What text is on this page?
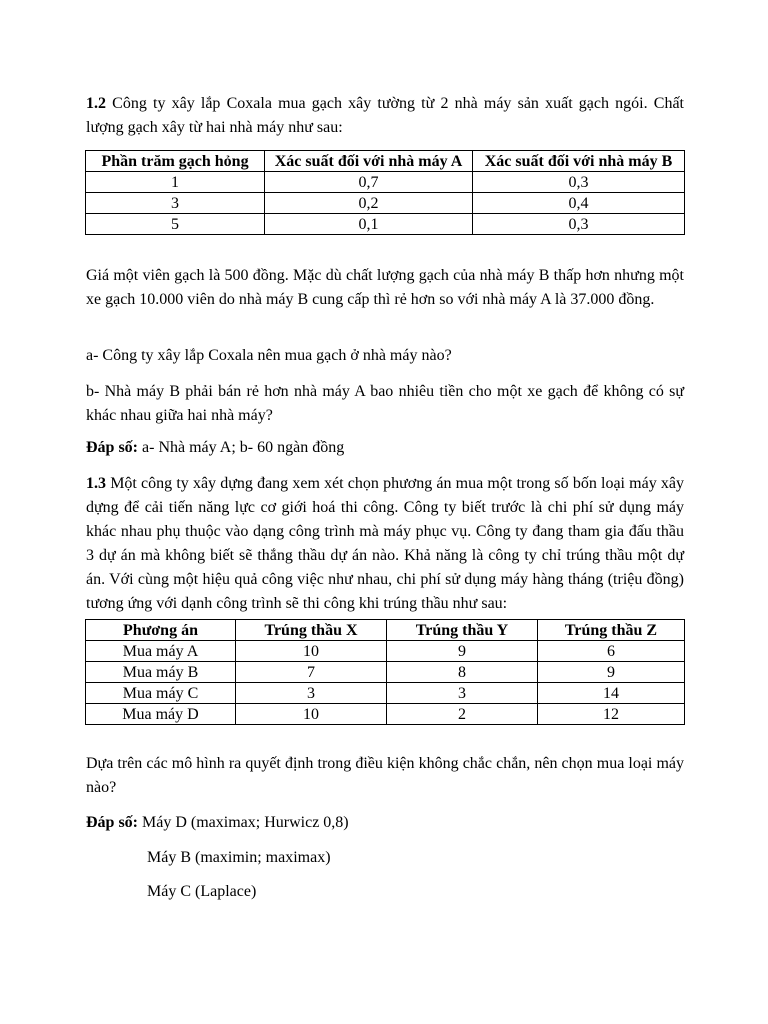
1.2 Công ty xây lắp Coxala mua gạch xây tường từ 2 nhà máy sản xuất gạch ngói. Chất lượng gạch xây từ hai nhà máy như sau:

Phần trăm gạch hỏng	Xác suất đối với nhà máy A	Xác suất đối với nhà máy B
1	0,7	0,3
3	0,2	0,4
5	0,1	0,3

Giá một viên gạch là 500 đồng. Mặc dù chất lượng gạch của nhà máy B thấp hơn nhưng một xe gạch 10.000 viên do nhà máy B cung cấp thì rẻ hơn so với nhà máy A là 37.000 đồng.

a- Công ty xây lắp Coxala nên mua gạch ở nhà máy nào?

b- Nhà máy B phải bán rẻ hơn nhà máy A bao nhiêu tiền cho một xe gạch để không có sự khác nhau giữa hai nhà máy?

Đáp số: a- Nhà máy A; b- 60 ngàn đồng

1.3 Một công ty xây dựng đang xem xét chọn phương án mua một trong số bốn loại máy xây dựng để cải tiến năng lực cơ giới hoá thi công. Công ty biết trước là chi phí sử dụng máy khác nhau phụ thuộc vào dạng công trình mà máy phục vụ. Công ty đang tham gia đấu thầu 3 dự án mà không biết sẽ thắng thầu dự án nào. Khả năng là công ty chỉ trúng thầu một dự án. Với cùng một hiệu quả công việc như nhau, chi phí sử dụng máy hàng tháng (triệu đồng) tương ứng với dạnh công trình sẽ thi công khi trúng thầu như sau:

Phương án	Trúng thầu X	Trúng thầu Y	Trúng thầu Z
Mua máy A	10	9	6
Mua máy B	7	8	9
Mua máy C	3	3	14
Mua máy D	10	2	12

Dựa trên các mô hình ra quyết định trong điều kiện không chắc chắn, nên chọn mua loại máy nào?

Đáp số: Máy D (maximax; Hurwicz 0,8)

Máy B (maximin; maximax)

Máy C (Laplace)
